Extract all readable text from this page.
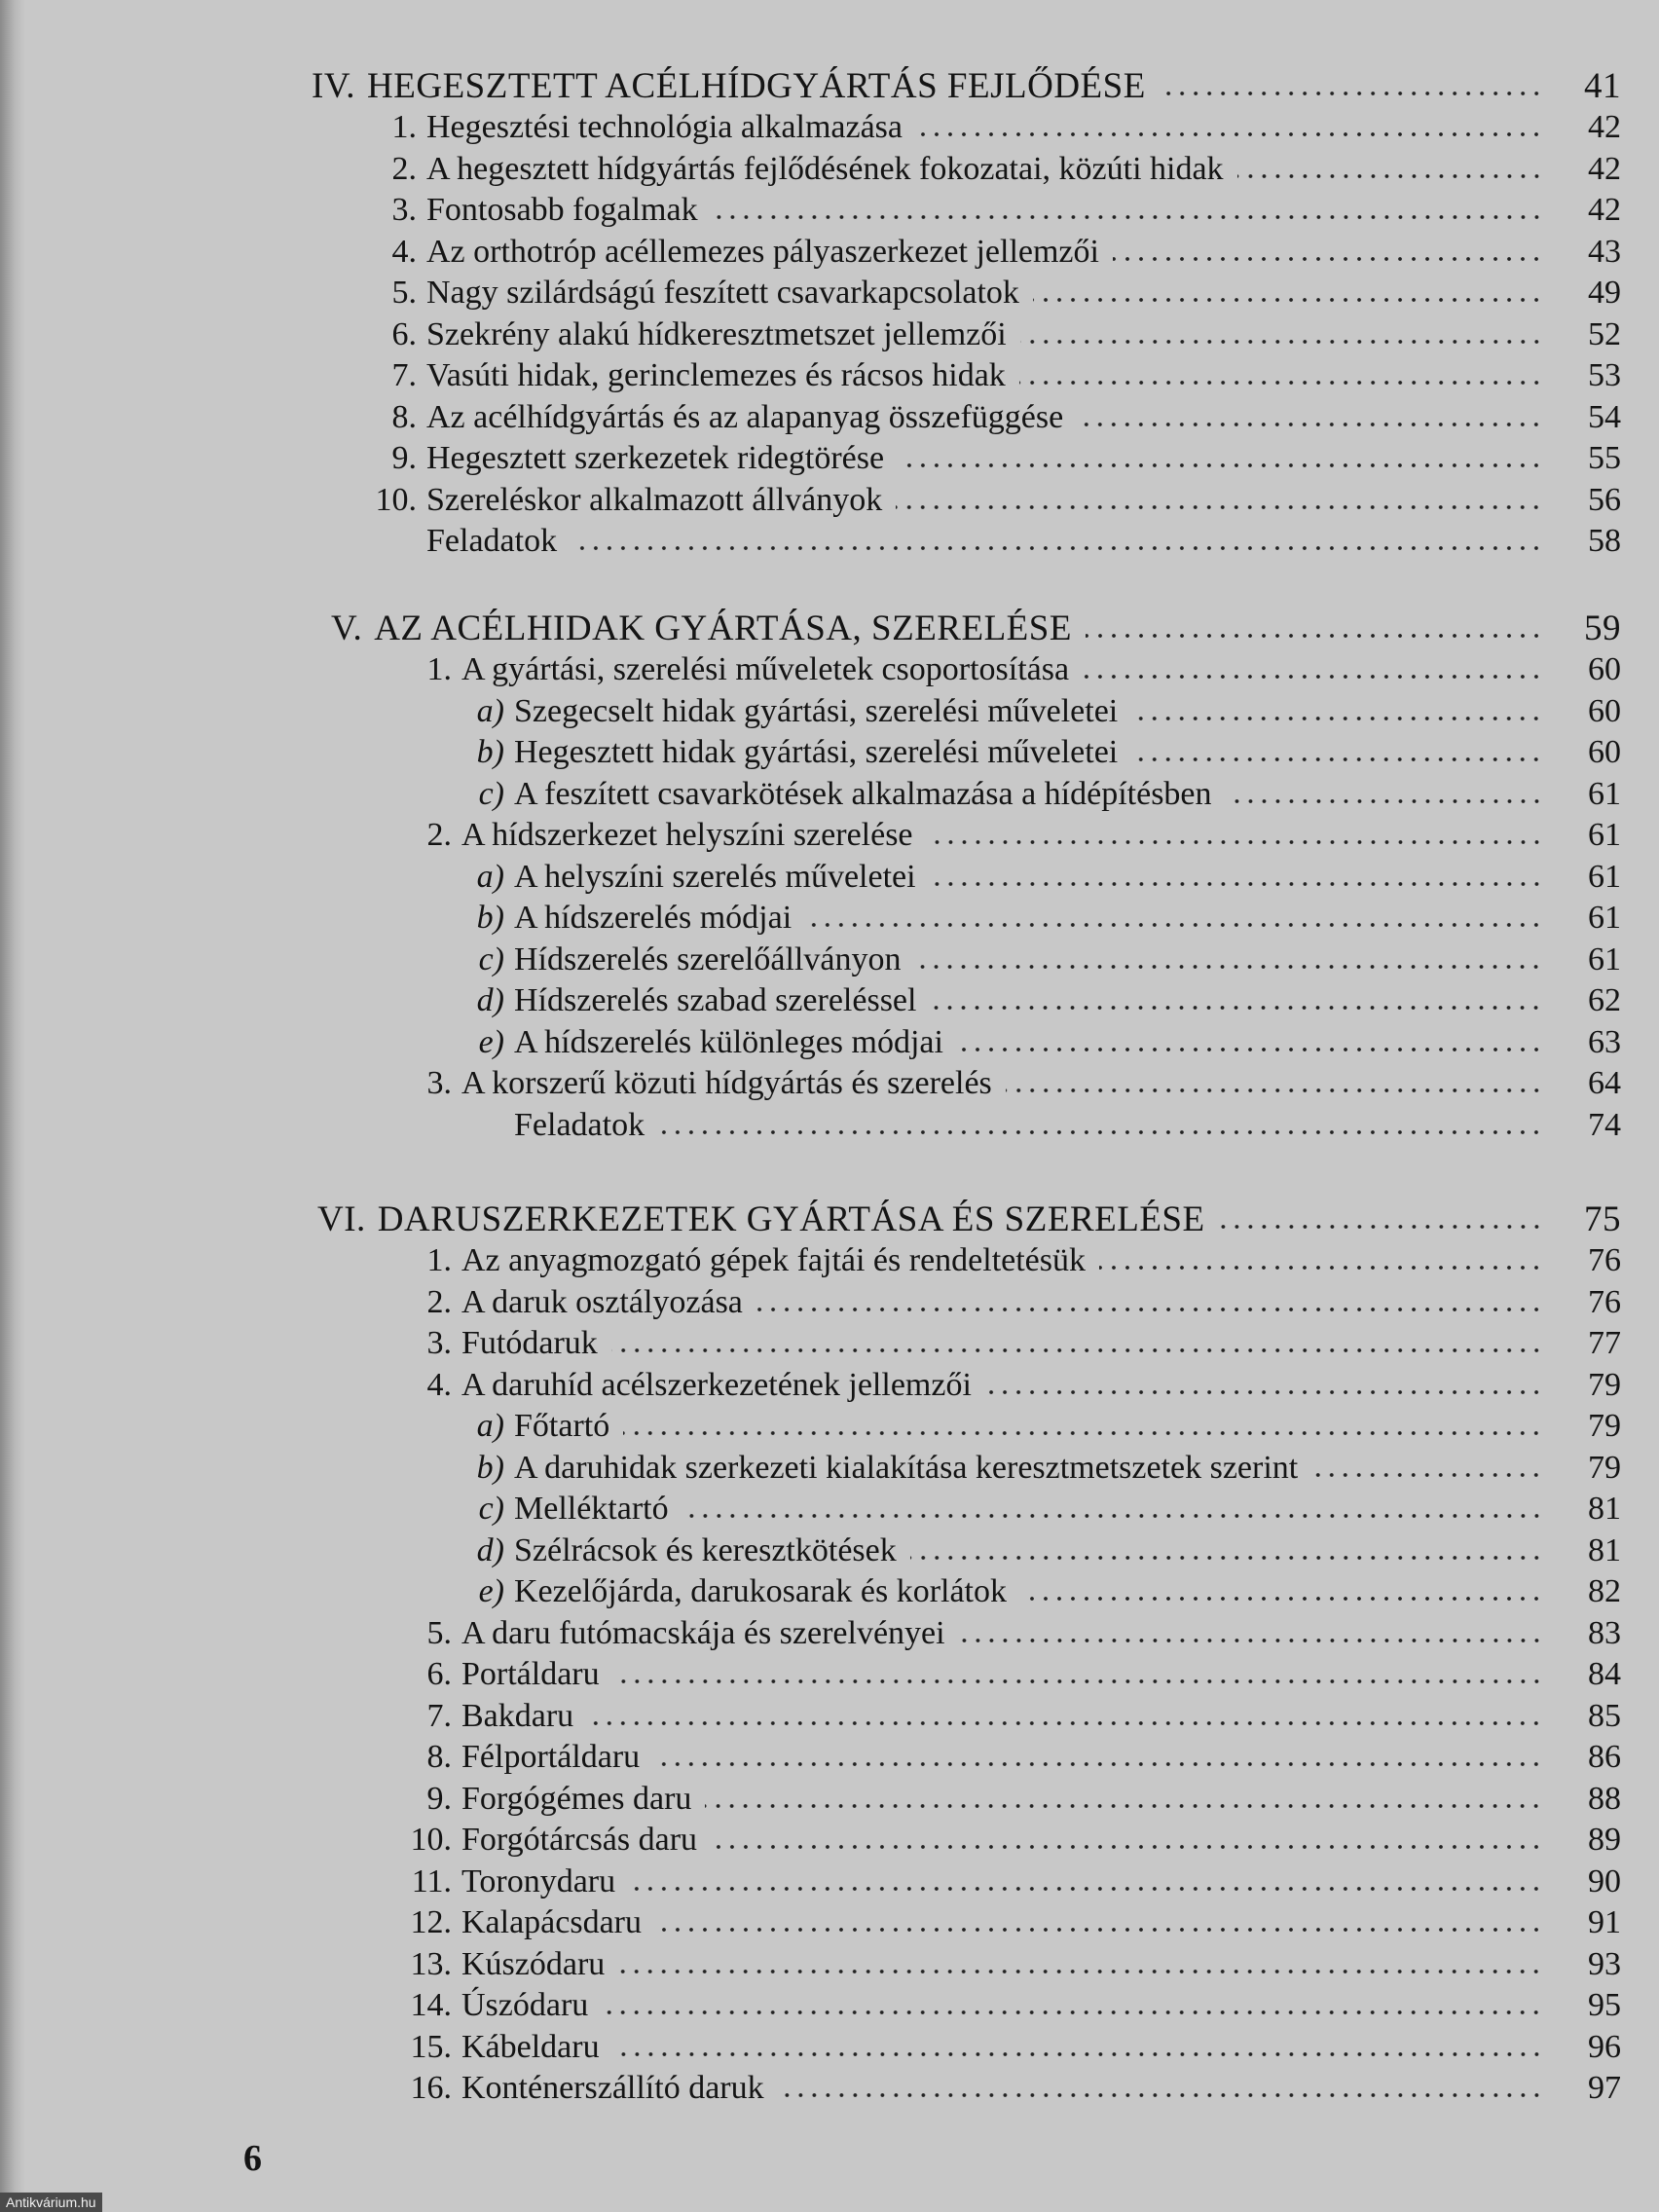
IV. HEGESZTETT ACÉLHÍDGYÁRTÁS FEJLŐDÉSE	41
1. Hegesztési technológia alkalmazása	42
2. A hegesztett hídgyártás fejlődésének fokozatai, közúti hidak	42
3. Fontosabb fogalmak	42
4. Az orthotróp acéllemezes pályaszerkezet jellemzői	43
5. Nagy szilárdságú feszített csavarkapcsolatok	49
6. Szekrény alakú hídkeresztmetszet jellemzői	52
7. Vasúti hidak, gerinclemezes és rácsos hidak	53
8. Az acélhídgyártás és az alapanyag összefüggése	54
9. Hegesztett szerkezetek ridegtörése	55
10. Szereléskor alkalmazott állványok	56
Feladatok	58
V. AZ ACÉLHIDAK GYÁRTÁSA, SZERELÉSE	59
1. A gyártási, szerelési műveletek csoportosítása	60
a) Szegecselt hidak gyártási, szerelési műveletei	60
b) Hegesztett hidak gyártási, szerelési műveletei	60
c) A feszített csavarkötések alkalmazása a hídépítésben	61
2. A hídszerkezet helyszíni szerelése	61
a) A helyszíni szerelés műveletei	61
b) A hídszerelés módjai	61
c) Hídszerelés szerelőállványon	61
d) Hídszerelés szabad szereléssel	62
e) A hídszerelés különleges módjai	63
3. A korszerű közuti hídgyártás és szerelés	64
Feladatok	74
VI. DARUSZERKEZETEK GYÁRTÁSA ÉS SZERELÉSE	75
1. Az anyagmozgató gépek fajtái és rendeltetésük	76
2. A daruk osztályozása	76
3. Futódaruk	77
4. A daruhíd acélszerkezetének jellemzői	79
a) Főtartó	79
b) A daruhidak szerkezeti kialakítása keresztmetszetek szerint	79
c) Melléktartó	81
d) Szélrácsok és keresztkötések	81
e) Kezelőjárda, darukosarak és korlátok	82
5. A daru futómacskája és szerelvényei	83
6. Portáldaru	84
7. Bakdaru	85
8. Félportáldaru	86
9. Forgógémes daru	88
10. Forgótárcsás daru	89
11. Toronydaru	90
12. Kalapácsdaru	91
13. Kúszódaru	93
14. Úszódaru	95
15. Kábeldaru	96
16. Konténerszállító daruk	97
6
Antikvárium.hu
